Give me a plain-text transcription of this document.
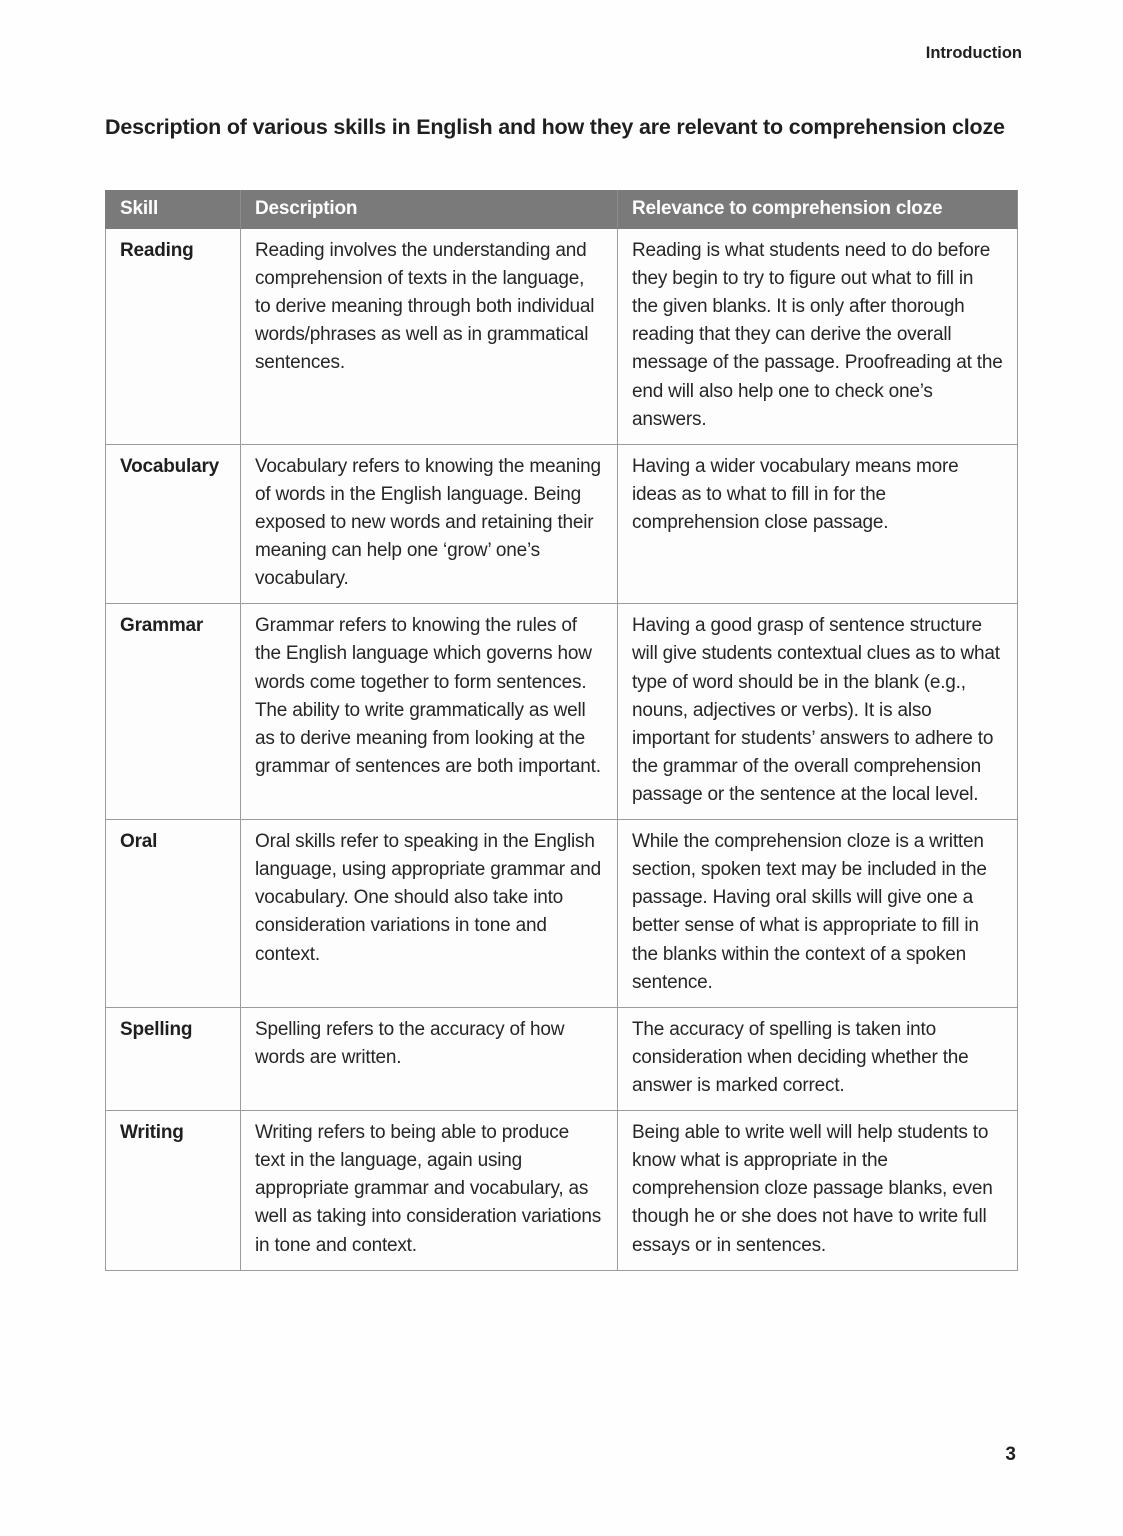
Introduction
Description of various skills in English and how they are relevant to comprehension cloze
Skill	Description	Relevance to comprehension cloze
Reading	Reading involves the understanding and comprehension of texts in the language, to derive meaning through both individual words/phrases as well as in grammatical sentences.	Reading is what students need to do before they begin to try to figure out what to fill in the given blanks. It is only after thorough reading that they can derive the overall message of the passage. Proofreading at the end will also help one to check one’s answers.
Vocabulary	Vocabulary refers to knowing the meaning of words in the English language. Being exposed to new words and retaining their meaning can help one ‘grow’ one’s vocabulary.	Having a wider vocabulary means more ideas as to what to fill in for the comprehension close passage.
Grammar	Grammar refers to knowing the rules of the English language which governs how words come together to form sentences. The ability to write grammatically as well as to derive meaning from looking at the grammar of sentences are both important.	Having a good grasp of sentence structure will give students contextual clues as to what type of word should be in the blank (e.g., nouns, adjectives or verbs). It is also important for students’ answers to adhere to the grammar of the overall comprehension passage or the sentence at the local level.
Oral	Oral skills refer to speaking in the English language, using appropriate grammar and vocabulary. One should also take into consideration variations in tone and context.	While the comprehension cloze is a written section, spoken text may be included in the passage. Having oral skills will give one a better sense of what is appropriate to fill in the blanks within the context of a spoken sentence.
Spelling	Spelling refers to the accuracy of how words are written.	The accuracy of spelling is taken into consideration when deciding whether the answer is marked correct.
Writing	Writing refers to being able to produce text in the language, again using appropriate grammar and vocabulary, as well as taking into consideration variations in tone and context.	Being able to write well will help students to know what is appropriate in the comprehension cloze passage blanks, even though he or she does not have to write full essays or in sentences.
3
